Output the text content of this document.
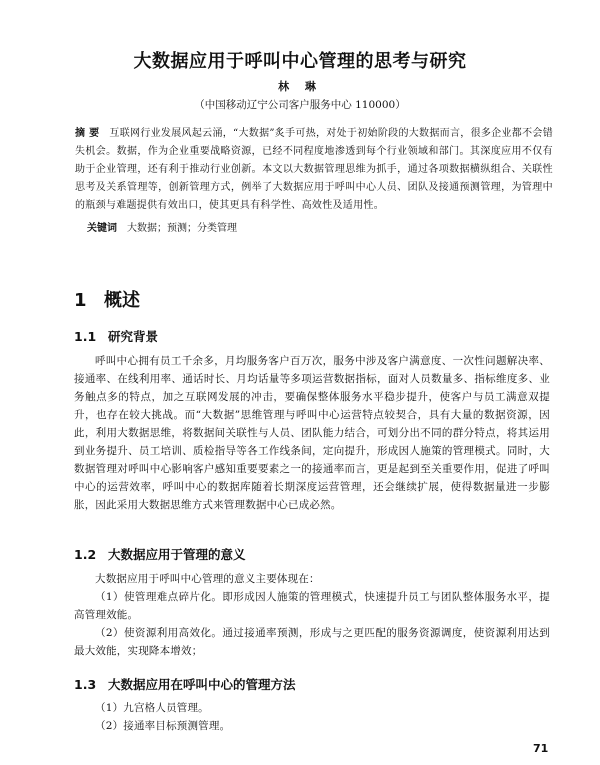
大数据应用于呼叫中心管理的思考与研究
林 琳
（中国移动辽宁公司客户服务中心 110000）
摘 要 互联网行业发展风起云涌，“大数据”炙手可热，对处于初始阶段的大数据而言，很多企业都不会错失机会。数据，作为企业重要战略资源，已经不同程度地渗透到每个行业领域和部门。其深度应用不仅有助于企业管理，还有利于推动行业创新。本文以大数据管理思维为抓手，通过各项数据横纵组合、关联性思考及关系管理等，创新管理方式，例举了大数据应用于呼叫中心人员、团队及接通预测管理，为管理中的瓶颈与难题提供有效出口，使其更具有科学性、高效性及适用性。
关键词 大数据；预测；分类管理
1 概述
1.1 研究背景

呼叫中心拥有员工千余多，月均服务客户百万次，服务中涉及客户满意度、一次性问题解决率、接通率、在线利用率、通话时长、月均话量等多项运营数据指标，面对人员数量多、指标维度多、业务触点多的特点，加之互联网发展的冲击，要确保整体服务水平稳步提升，使客户与员工满意双提升，也存在较大挑战。而“大数据”思维管理与呼叫中心运营特点较契合，具有大量的数据资源，因此，利用大数据思维，将数据间关联性与人员、团队能力结合，可划分出不同的群分特点，将其运用到业务提升、员工培训、质检指导等各工作线条间，定向提升，形成因人施策的管理模式。同时，大数据管理对呼叫中心影响客户感知重要要素之一的接通率而言，更是起到至关重要作用，促进了呼叫中心的运营效率，呼叫中心的数据库随着长期深度运营管理，还会继续扩展，使得数据量进一步膨胀，因此采用大数据思维方式来管理数据中心已成必然。

1.2 大数据应用于管理的意义

大数据应用于呼叫中心管理的意义主要体现在：

（1）使管理难点碎片化。即形成因人施策的管理模式，快速提升员工与团队整体服务水平，提高管理效能。

（2）使资源利用高效化。通过接通率预测，形成与之更匹配的服务资源调度，使资源利用达到最大效能，实现降本增效；

1.3 大数据应用在呼叫中心的管理方法

（1）九宫格人员管理。

（2）接通率目标预测管理。

71
